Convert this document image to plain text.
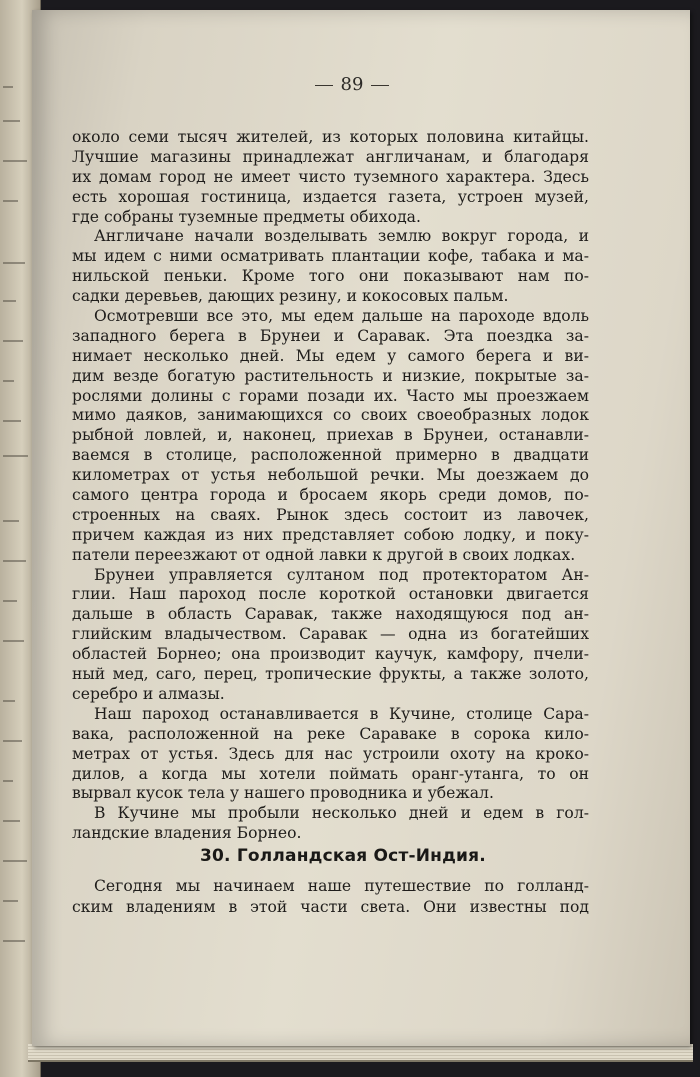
89
около семи тысяч жителей, из которых половина китайцы.
Лучшие магазины принадлежат англичанам, и благодаря
их домам город не имеет чисто туземного характера. Здесь
есть хорошая гостиница, издается газета, устроен музей,
где собраны туземные предметы обихода.
Англичане начали возделывать землю вокруг города, и
мы идем с ними осматривать плантации кофе, табака и ма-
нильской пеньки. Кроме того они показывают нам по-
садки деревьев, дающих резину, и кокосовых пальм.
Осмотревши все это, мы едем дальше на пароходе вдоль
западного берега в Брунеи и Саравак. Эта поездка за-
нимает несколько дней. Мы едем у самого берега и ви-
дим везде богатую растительность и низкие, покрытые за-
рослями долины с горами позади их. Часто мы проезжаем
мимо даяков, занимающихся со своих своеобразных лодок
рыбной ловлей, и, наконец, приехав в Брунеи, останавли-
ваемся в столице, расположенной примерно в двадцати
километрах от устья небольшой речки. Мы доезжаем до
самого центра города и бросаем якорь среди домов, по-
строенных на сваях. Рынок здесь состоит из лавочек,
причем каждая из них представляет собою лодку, и поку-
патели переезжают от одной лавки к другой в своих лодках.
Брунеи управляется султаном под протекторатом Ан-
глии. Наш пароход после короткой остановки двигается
дальше в область Саравак, также находящуюся под ан-
глийским владычеством. Саравак — одна из богатейших
областей Борнео; она производит каучук, камфору, пчели-
ный мед, саго, перец, тропические фрукты, а также золото,
серебро и алмазы.
Наш пароход останавливается в Кучине, столице Сара-
вака, расположенной на реке Сараваке в сорока кило-
метрах от устья. Здесь для нас устроили охоту на кроко-
дилов, а когда мы хотели поймать оранг-утанга, то он
вырвал кусок тела у нашего проводника и убежал.
В Кучине мы пробыли несколько дней и едем в гол-
ландские владения Борнео.
30. Голландская Ост-Индия.
Сегодня мы начинаем наше путешествие по голланд-
ским владениям в этой части света. Они известны под
